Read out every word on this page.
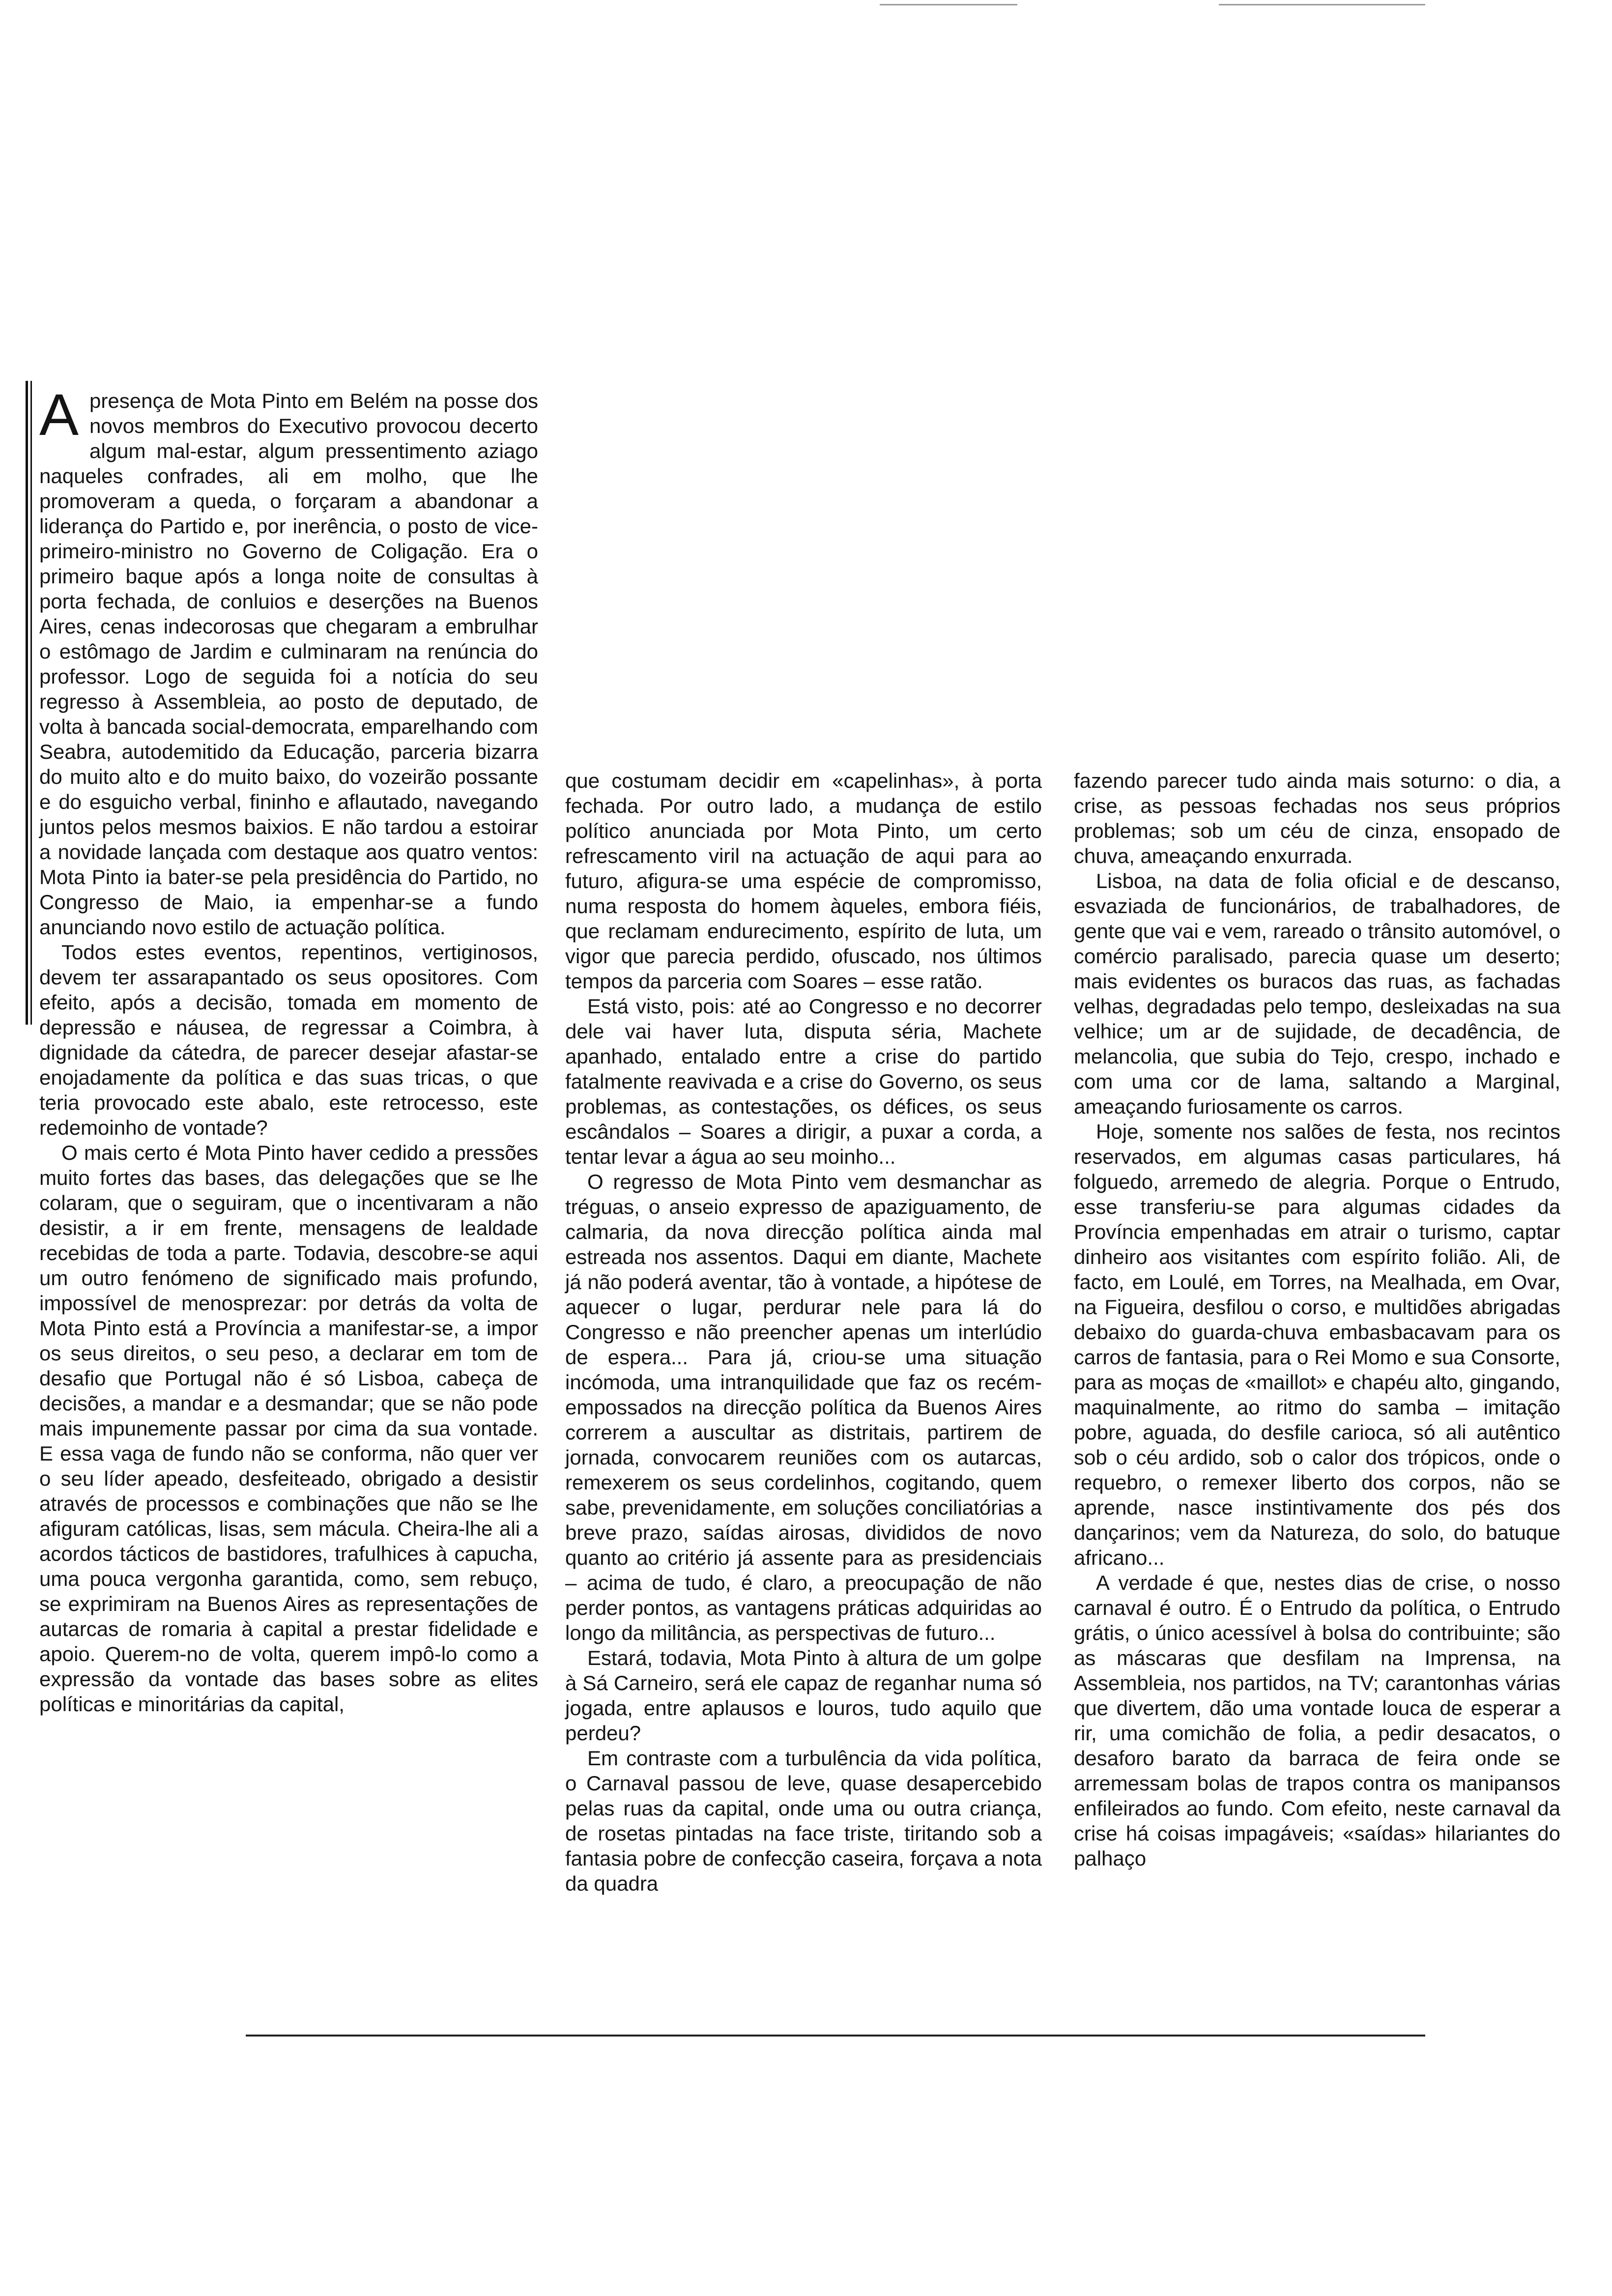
A presença de Mota Pinto em Belém na posse dos novos membros do Executivo provocou decerto algum mal-estar, algum pressentimento aziago naqueles confrades, ali em molho, que lhe promoveram a queda, o forçaram a abandonar a liderança do Partido e, por inerência, o posto de vice-primeiro-ministro no Governo de Coligação. Era o primeiro baque após a longa noite de consultas à porta fechada, de conluios e deserções na Buenos Aires, cenas indecorosas que chegaram a embrulhar o estômago de Jardim e culminaram na renúncia do professor. Logo de seguida foi a notícia do seu regresso à Assembleia, ao posto de deputado, de volta à bancada social-democrata, emparelhando com Seabra, autodemitido da Educação, parceria bizarra do muito alto e do muito baixo, do vozeirão possante e do esguicho verbal, fininho e aflautado, navegando juntos pelos mesmos baixios. E não tardou a estoirar a novidade lançada com destaque aos quatro ventos: Mota Pinto ia bater-se pela presidência do Partido, no Congresso de Maio, ia empenhar-se a fundo anunciando novo estilo de actuação política.

Todos estes eventos, repentinos, vertiginosos, devem ter assarapantado os seus opositores. Com efeito, após a decisão, tomada em momento de depressão e náusea, de regressar a Coimbra, à dignidade da cátedra, de parecer desejar afastar-se enojadamente da política e das suas tricas, o que teria provocado este abalo, este retrocesso, este redemoinho de vontade?

O mais certo é Mota Pinto haver cedido a pressões muito fortes das bases, das delegações que se lhe colaram, que o seguiram, que o incentivaram a não desistir, a ir em frente, mensagens de lealdade recebidas de toda a parte. Todavia, descobre-se aqui um outro fenómeno de significado mais profundo, impossível de menosprezar: por detrás da volta de Mota Pinto está a Província a manifestar-se, a impor os seus direitos, o seu peso, a declarar em tom de desafio que Portugal não é só Lisboa, cabeça de decisões, a mandar e a desmandar; que se não pode mais impunemente passar por cima da sua vontade. E essa vaga de fundo não se conforma, não quer ver o seu líder apeado, desfeiteado, obrigado a desistir através de processos e combinações que não se lhe afiguram católicas, lisas, sem mácula. Cheira-lhe ali a acordos tácticos de bastidores, trafulhices à capucha, uma pouca vergonha garantida, como, sem rebuço, se exprimiram na Buenos Aires as representações de autarcas de romaria à capital a prestar fidelidade e apoio. Querem-no de volta, querem impô-lo como a expressão da vontade das bases sobre as elites políticas e minoritárias da capital,

que costumam decidir em «capelinhas», à porta fechada. Por outro lado, a mudança de estilo político anunciada por Mota Pinto, um certo refrescamento viril na actuação de aqui para ao futuro, afigura-se uma espécie de compromisso, numa resposta do homem àqueles, embora fiéis, que reclamam endurecimento, espírito de luta, um vigor que parecia perdido, ofuscado, nos últimos tempos da parceria com Soares – esse ratão.

Está visto, pois: até ao Congresso e no decorrer dele vai haver luta, disputa séria, Machete apanhado, entalado entre a crise do partido fatalmente reavivada e a crise do Governo, os seus problemas, as contestações, os défices, os seus escândalos – Soares a dirigir, a puxar a corda, a tentar levar a água ao seu moinho...

O regresso de Mota Pinto vem desmanchar as tréguas, o anseio expresso de apaziguamento, de calmaria, da nova direcção política ainda mal estreada nos assentos. Daqui em diante, Machete já não poderá aventar, tão à vontade, a hipótese de aquecer o lugar, perdurar nele para lá do Congresso e não preencher apenas um interlúdio de espera... Para já, criou-se uma situação incómoda, uma intranquilidade que faz os recém-empossados na direcção política da Buenos Aires correrem a auscultar as distritais, partirem de jornada, convocarem reuniões com os autarcas, remexerem os seus cordelinhos, cogitando, quem sabe, prevenidamente, em soluções conciliatórias a breve prazo, saídas airosas, divididos de novo quanto ao critério já assente para as presidenciais – acima de tudo, é claro, a preocupação de não perder pontos, as vantagens práticas adquiridas ao longo da militância, as perspectivas de futuro...

Estará, todavia, Mota Pinto à altura de um golpe à Sá Carneiro, será ele capaz de reganhar numa só jogada, entre aplausos e louros, tudo aquilo que perdeu?

Em contraste com a turbulência da vida política, o Carnaval passou de leve, quase desapercebido pelas ruas da capital, onde uma ou outra criança, de rosetas pintadas na face triste, tiritando sob a fantasia pobre de confecção caseira, forçava a nota da quadra

fazendo parecer tudo ainda mais soturno: o dia, a crise, as pessoas fechadas nos seus próprios problemas; sob um céu de cinza, ensopado de chuva, ameaçando enxurrada.

Lisboa, na data de folia oficial e de descanso, esvaziada de funcionários, de trabalhadores, de gente que vai e vem, rareado o trânsito automóvel, o comércio paralisado, parecia quase um deserto; mais evidentes os buracos das ruas, as fachadas velhas, degradadas pelo tempo, desleixadas na sua velhice; um ar de sujidade, de decadência, de melancolia, que subia do Tejo, crespo, inchado e com uma cor de lama, saltando a Marginal, ameaçando furiosamente os carros.

Hoje, somente nos salões de festa, nos recintos reservados, em algumas casas particulares, há folguedo, arremedo de alegria. Porque o Entrudo, esse transferiu-se para algumas cidades da Província empenhadas em atrair o turismo, captar dinheiro aos visitantes com espírito folião. Ali, de facto, em Loulé, em Torres, na Mealhada, em Ovar, na Figueira, desfilou o corso, e multidões abrigadas debaixo do guarda-chuva embasbacavam para os carros de fantasia, para o Rei Momo e sua Consorte, para as moças de «maillot» e chapéu alto, gingando, maquinalmente, ao ritmo do samba – imitação pobre, aguada, do desfile carioca, só ali autêntico sob o céu ardido, sob o calor dos trópicos, onde o requebro, o remexer liberto dos corpos, não se aprende, nasce instintivamente dos pés dos dançarinos; vem da Natureza, do solo, do batuque africano...

A verdade é que, nestes dias de crise, o nosso carnaval é outro. É o Entrudo da política, o Entrudo grátis, o único acessível à bolsa do contribuinte; são as máscaras que desfilam na Imprensa, na Assembleia, nos partidos, na TV; carantonhas várias que divertem, dão uma vontade louca de esperar a rir, uma comichão de folia, a pedir desacatos, o desaforo barato da barraca de feira onde se arremessam bolas de trapos contra os manipansos enfileirados ao fundo. Com efeito, neste carnaval da crise há coisas impagáveis; «saídas» hilariantes do palhaço
